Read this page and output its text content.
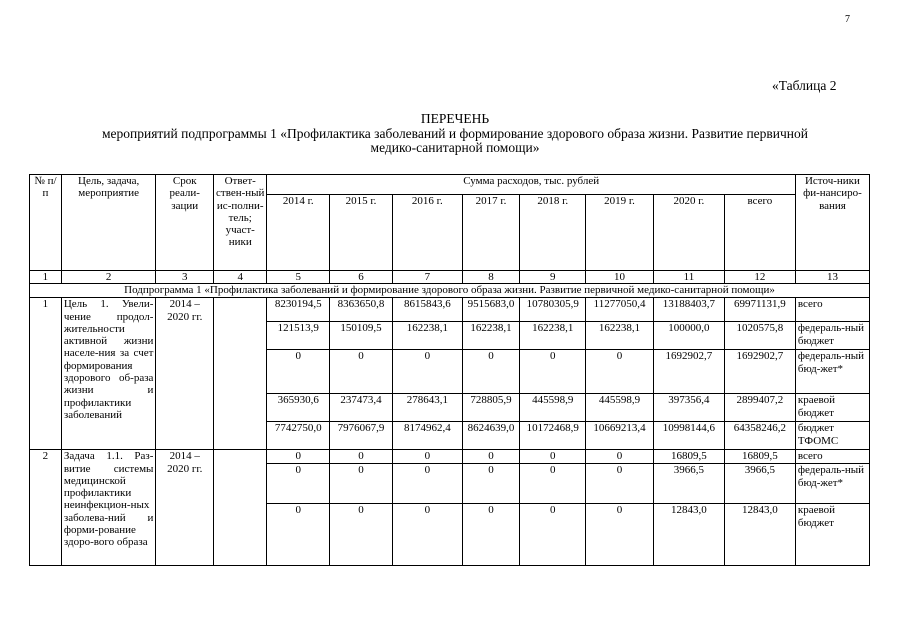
7
«Таблица 2
ПЕРЕЧЕНЬ
мероприятий подпрограммы 1 «Профилактика заболеваний и формирование здорового образа жизни. Развитие первичной
медико-санитарной помощи»
№ п/п	Цель, задача, мероприятие	Срок реали-зации	Ответ-ствен-ный ис-полни-тель; участ-ники	Сумма расходов, тыс. рублей								Источ-ники фи-нансиро-вания
				2014 г.	2015 г.	2016 г.	2017 г.	2018 г.	2019 г.	2020 г.	всего	
1	2	3	4	5	6	7	8	9	10	11	12	13
Подпрограмма 1 «Профилактика заболеваний и формирование здорового образа жизни. Развитие первичной медико-санитарной помощи»												
1	Цель 1. Увели-чение продол-жительности активной жизни населе-ния за счет формирования здорового об-раза жизни и профилактики заболеваний	2014 – 2020 гг.		8230194,5	8363650,8	8615843,6	9515683,0	10780305,9	11277050,4	13188403,7	69971131,9	всего
				121513,9	150109,5	162238,1	162238,1	162238,1	162238,1	100000,0	1020575,8	федераль-ный бюджет
				0	0	0	0	0	0	1692902,7	1692902,7	федераль-ный бюд-жет*
				365930,6	237473,4	278643,1	728805,9	445598,9	445598,9	397356,4	2899407,2	краевой бюджет
				7742750,0	7976067,9	8174962,4	8624639,0	10172468,9	10669213,4	10998144,6	64358246,2	бюджет ТФОМС
2	Задача 1.1. Раз-витие системы медицинской профилактики неинфекцион-ных заболева-ний и форми-рование здоро-вого образа	2014 – 2020 гг.		0	0	0	0	0	0	16809,5	16809,5	всего
				0	0	0	0	0	0	3966,5	3966,5	федераль-ный бюд-жет*
				0	0	0	0	0	0	12843,0	12843,0	краевой бюджет
